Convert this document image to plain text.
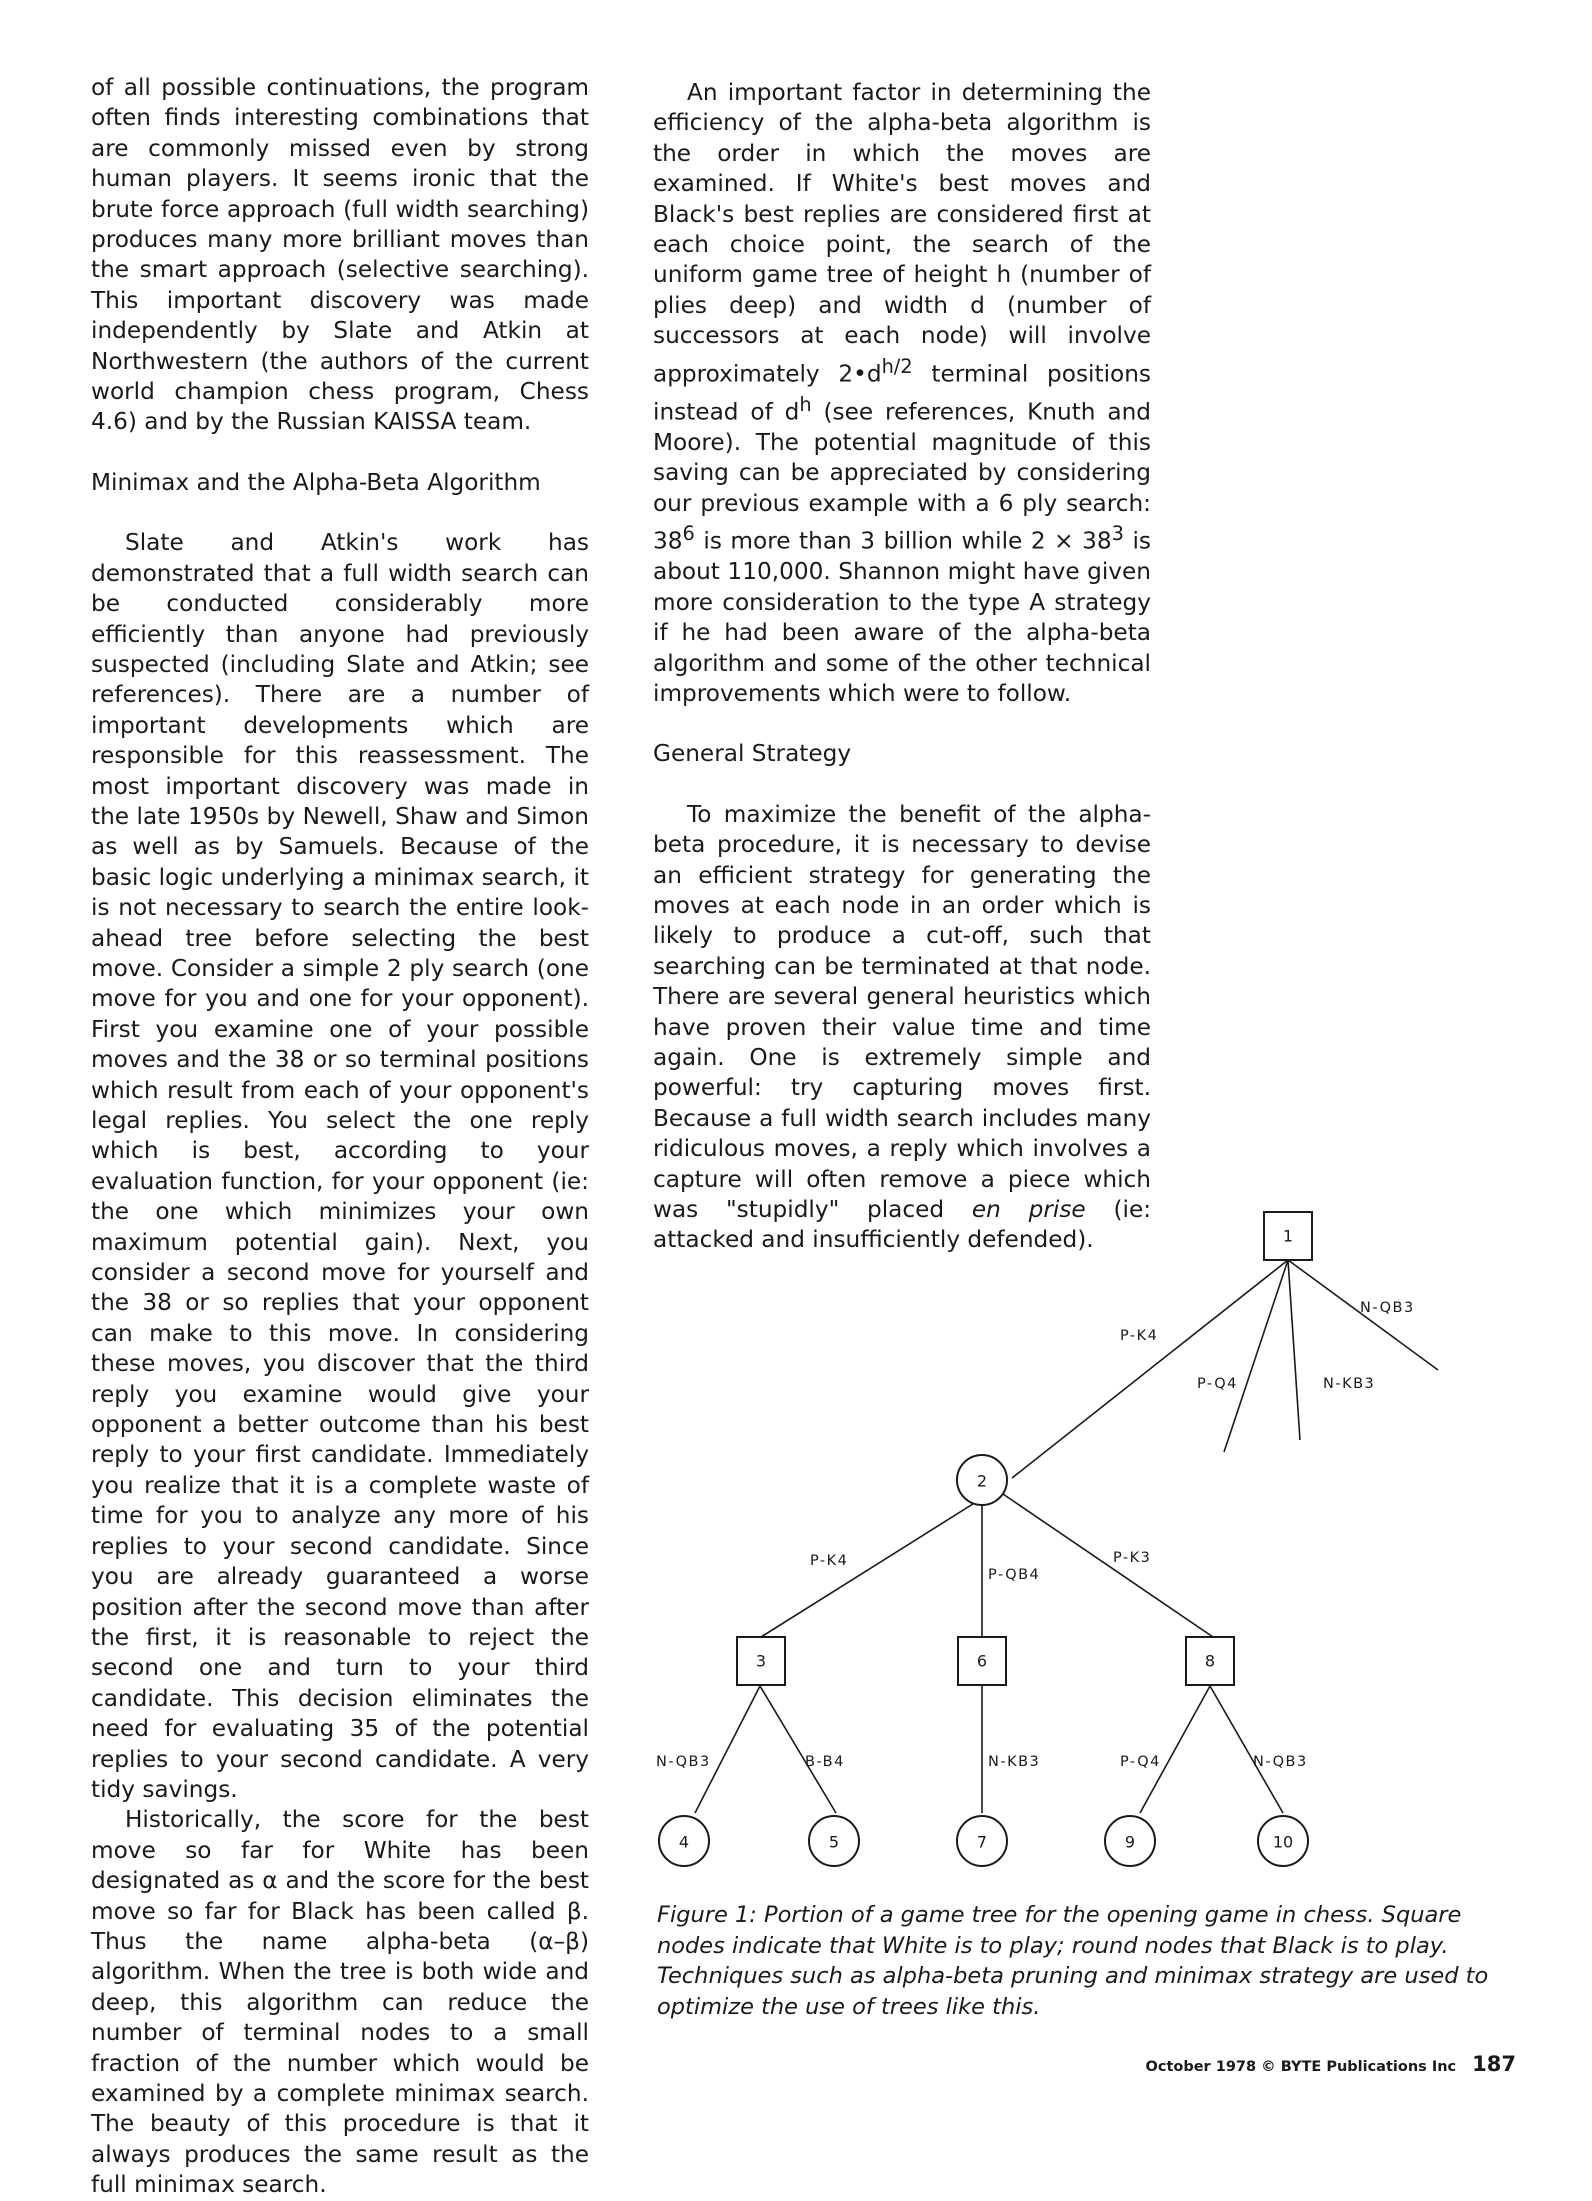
of all possible continuations, the program often finds interesting combinations that are commonly missed even by strong human players. It seems ironic that the brute force approach (full width searching) produces many more brilliant moves than the smart approach (selective searching). This important discovery was made independently by Slate and Atkin at Northwestern (the authors of the current world champion chess program, Chess 4.6) and by the Russian KAISSA team.

Minimax and the Alpha-Beta Algorithm

Slate and Atkin's work has demonstrated that a full width search can be conducted considerably more efficiently than anyone had previously suspected (including Slate and Atkin; see references). There are a number of important developments which are responsible for this reassessment. The most important discovery was made in the late 1950s by Newell, Shaw and Simon as well as by Samuels. Because of the basic logic underlying a minimax search, it is not necessary to search the entire look-ahead tree before selecting the best move. Consider a simple 2 ply search (one move for you and one for your opponent). First you examine one of your possible moves and the 38 or so terminal positions which result from each of your opponent's legal replies. You select the one reply which is best, according to your evaluation function, for your opponent (ie: the one which minimizes your own maximum potential gain). Next, you consider a second move for yourself and the 38 or so replies that your opponent can make to this move. In considering these moves, you discover that the third reply you examine would give your opponent a better outcome than his best reply to your first candidate. Immediately you realize that it is a complete waste of time for you to analyze any more of his replies to your second candidate. Since you are already guaranteed a worse position after the second move than after the first, it is reasonable to reject the second one and turn to your third candidate. This decision eliminates the need for evaluating 35 of the potential replies to your second candidate. A very tidy savings.

Historically, the score for the best move so far for White has been designated as α and the score for the best move so far for Black has been called β. Thus the name alpha-beta (α–β) algorithm. When the tree is both wide and deep, this algorithm can reduce the number of terminal nodes to a small fraction of the number which would be examined by a complete minimax search. The beauty of this procedure is that it always produces the same result as the full minimax search.

An important factor in determining the efficiency of the alpha-beta algorithm is the order in which the moves are examined. If White's best moves and Black's best replies are considered first at each choice point, the search of the uniform game tree of height h (number of plies deep) and width d (number of successors at each node) will involve approximately $2•d^{h/2}$ terminal positions instead of $d^h$ (see references, Knuth and Moore). The potential magnitude of this saving can be appreciated by considering our previous example with a 6 ply search: $38^6$ is more than 3 billion while $2 \times 38^3$ is about 110,000. Shannon might have given more consideration to the type A strategy if he had been aware of the alpha-beta algorithm and some of the other technical improvements which were to follow.

General Strategy

To maximize the benefit of the alpha-beta procedure, it is necessary to devise an efficient strategy for generating the moves at each node in an order which is likely to produce a cut-off, such that searching can be terminated at that node. There are several general heuristics which have proven their value time and time again. One is extremely simple and powerful: try capturing moves first. Because a full width search includes many ridiculous moves, a reply which involves a capture will often remove a piece which was "stupidly" placed en prise (ie: attacked and insufficiently defended).	1
2
3	6	8
4	5	7	9	10
P-K4
P-Q4	N-KB3
N-QB3
P-K4
P-QB4
P-K3
N-QB3	B-B4	N-KB3	P-Q4	N-QB3
Figure 1: Portion of a game tree for the opening game in chess. Square nodes indicate that White is to play; round nodes that Black is to play. Techniques such as alpha-beta pruning and minimax strategy are used to optimize the use of trees like this.
October 1978 © BYTE Publications Inc 187
